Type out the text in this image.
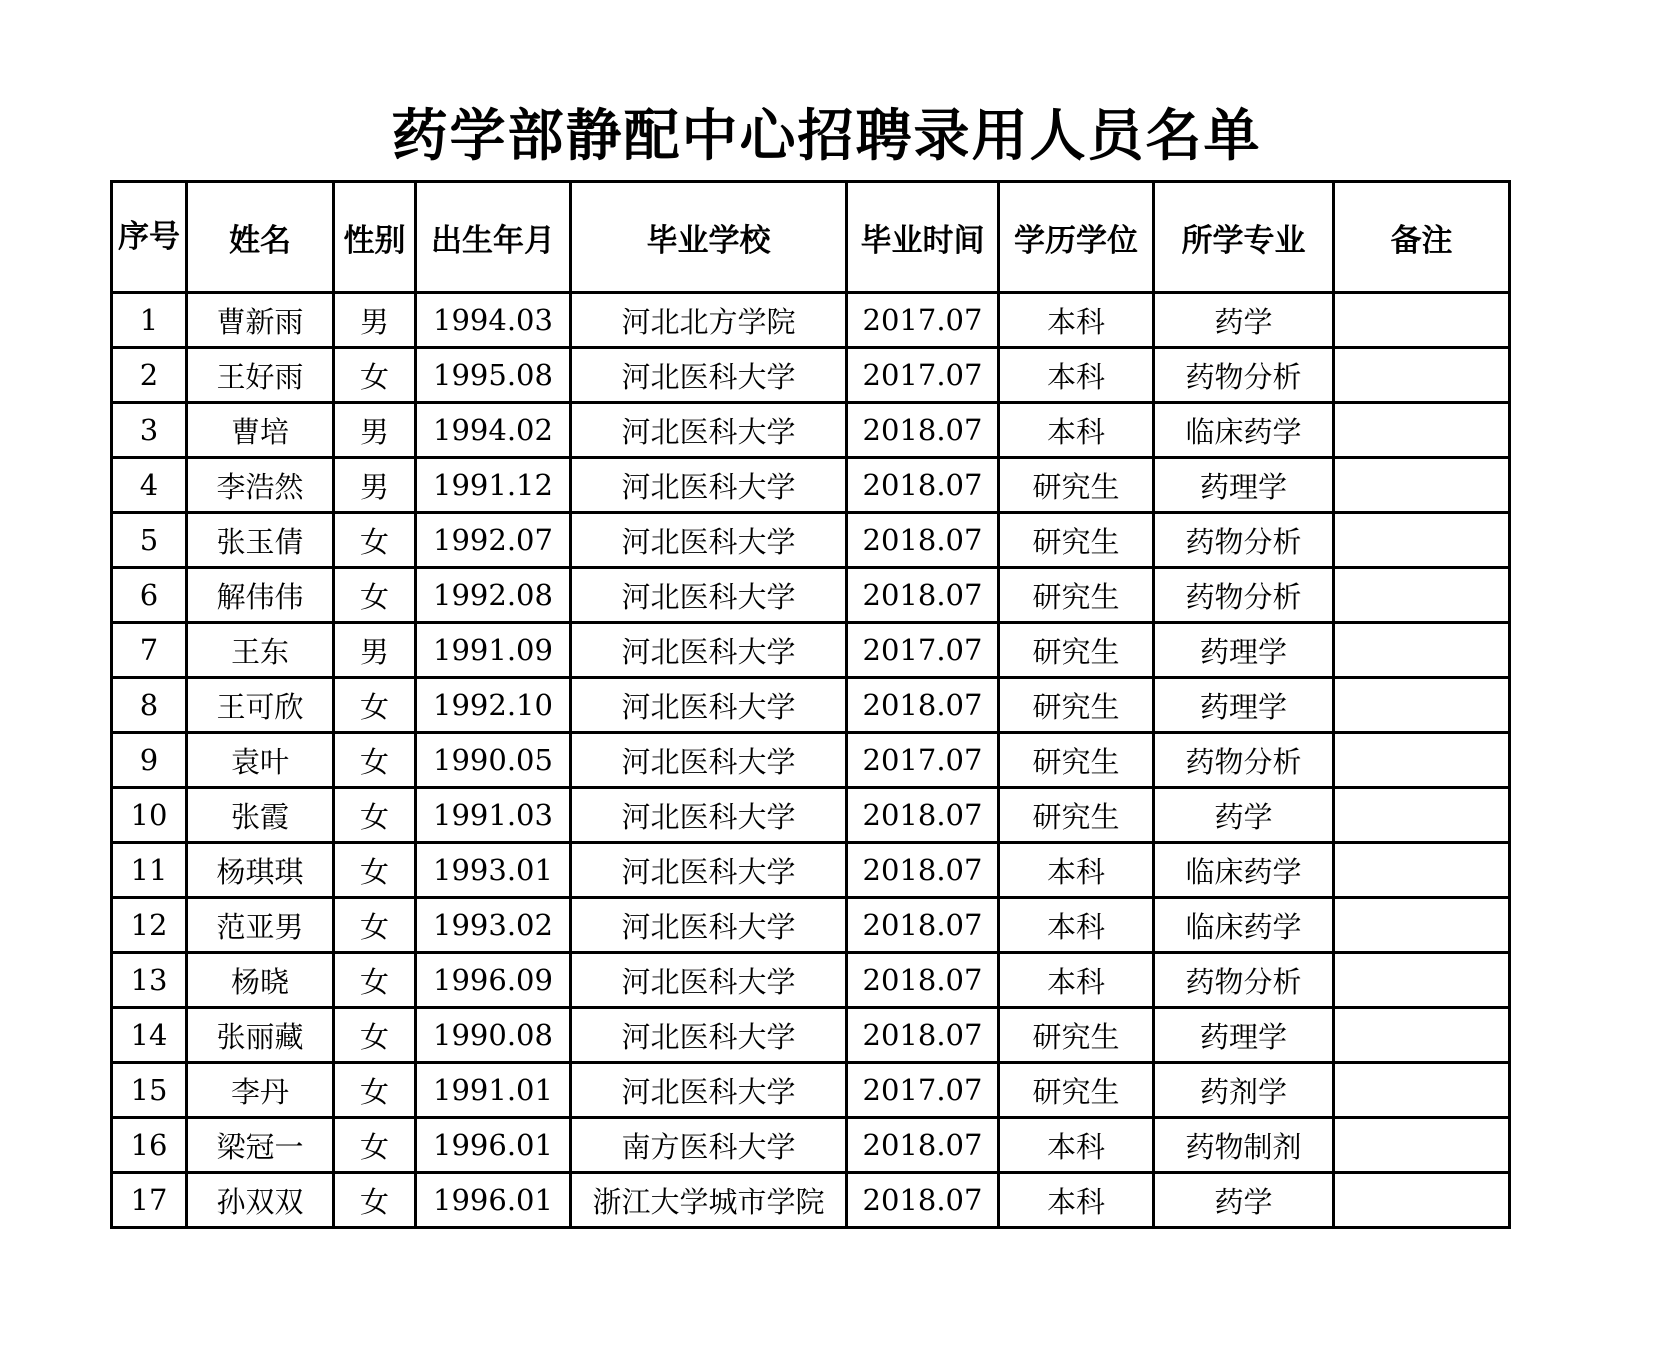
药学部静配中心招聘录用人员名单
序号	姓名	性别	出生年月	毕业学校	毕业时间	学历学位	所学专业	备注
1	曹新雨	男	1994.03	河北北方学院	2017.07	本科	药学	
2	王好雨	女	1995.08	河北医科大学	2017.07	本科	药物分析	
3	曹培	男	1994.02	河北医科大学	2018.07	本科	临床药学	
4	李浩然	男	1991.12	河北医科大学	2018.07	研究生	药理学	
5	张玉倩	女	1992.07	河北医科大学	2018.07	研究生	药物分析	
6	解伟伟	女	1992.08	河北医科大学	2018.07	研究生	药物分析	
7	王东	男	1991.09	河北医科大学	2017.07	研究生	药理学	
8	王可欣	女	1992.10	河北医科大学	2018.07	研究生	药理学	
9	袁叶	女	1990.05	河北医科大学	2017.07	研究生	药物分析	
10	张霞	女	1991.03	河北医科大学	2018.07	研究生	药学	
11	杨琪琪	女	1993.01	河北医科大学	2018.07	本科	临床药学	
12	范亚男	女	1993.02	河北医科大学	2018.07	本科	临床药学	
13	杨晓	女	1996.09	河北医科大学	2018.07	本科	药物分析	
14	张丽藏	女	1990.08	河北医科大学	2018.07	研究生	药理学	
15	李丹	女	1991.01	河北医科大学	2017.07	研究生	药剂学	
16	梁冠一	女	1996.01	南方医科大学	2018.07	本科	药物制剂	
17	孙双双	女	1996.01	浙江大学城市学院	2018.07	本科	药学	
